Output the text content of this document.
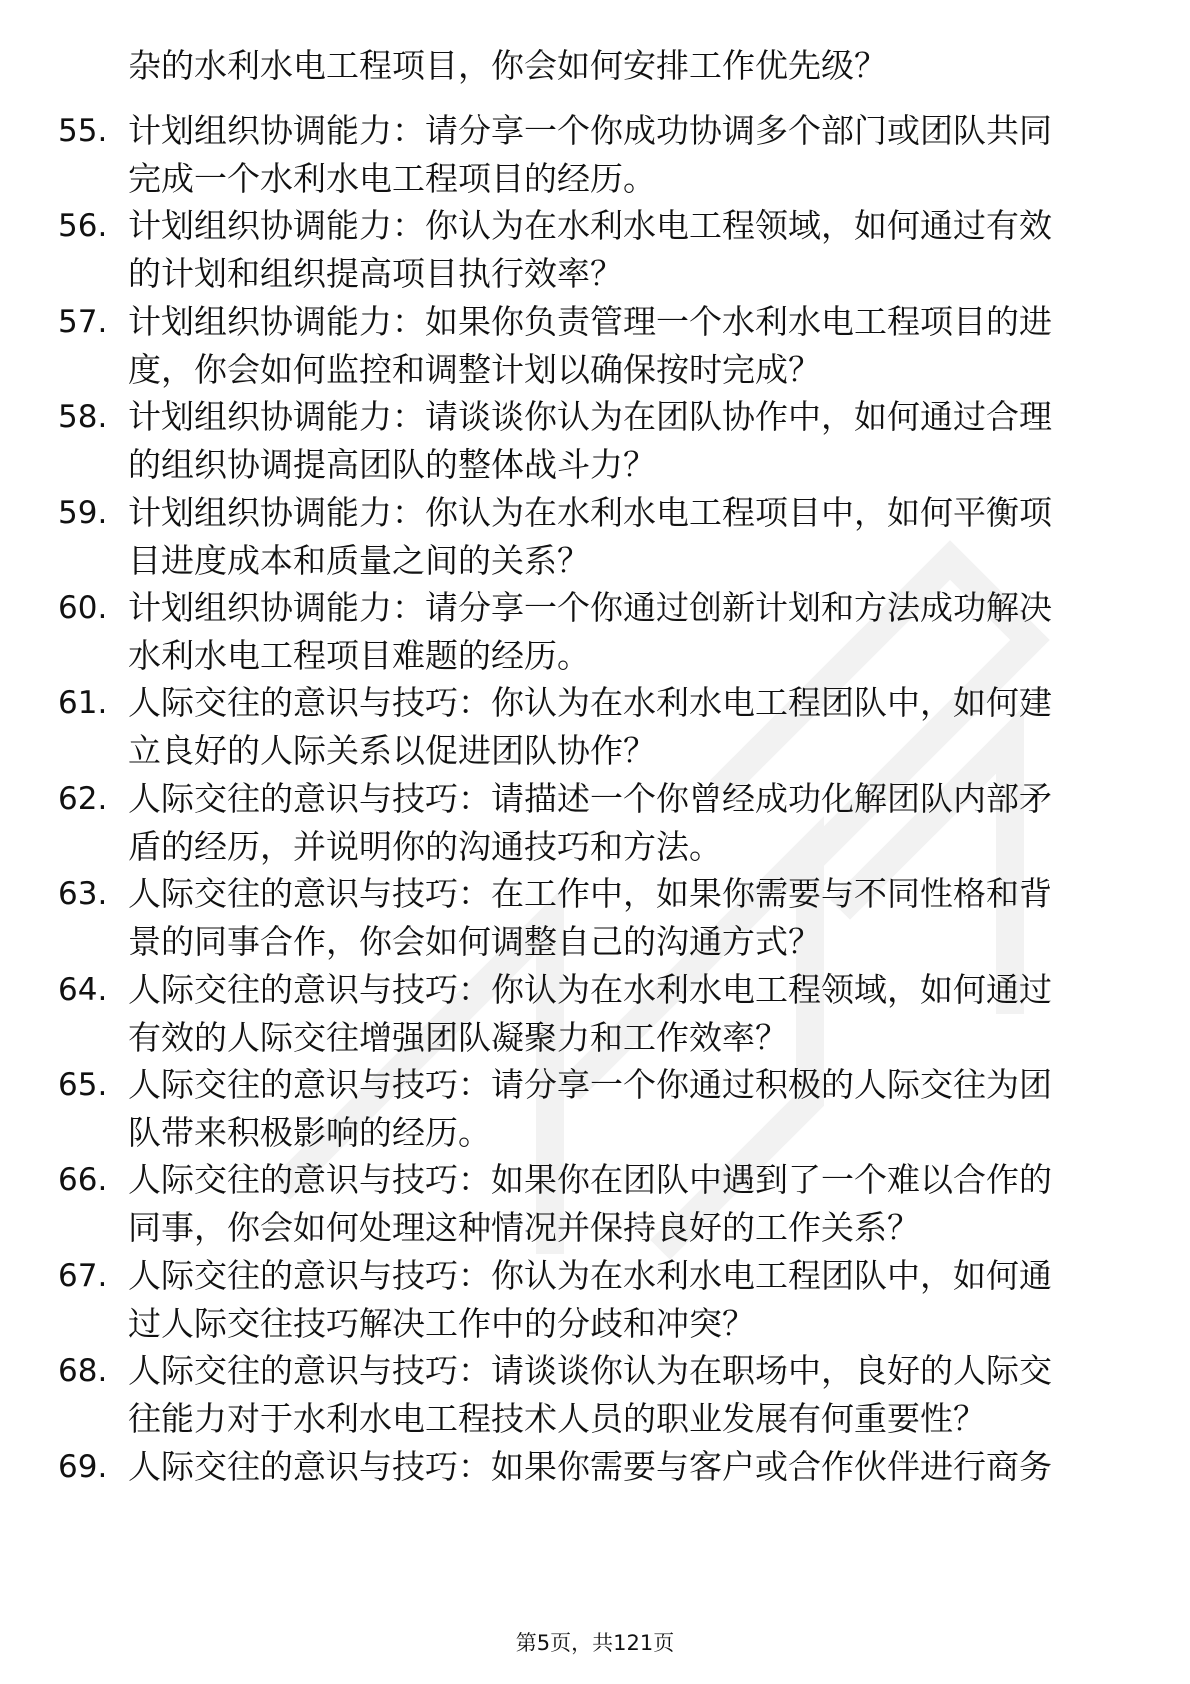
杂的水利水电工程项目，你会如何安排工作优先级？
55. 计划组织协调能力：请分享一个你成功协调多个部门或团队共同
完成一个水利水电工程项目的经历。
56. 计划组织协调能力：你认为在水利水电工程领域，如何通过有效
的计划和组织提高项目执行效率？
57. 计划组织协调能力：如果你负责管理一个水利水电工程项目的进
度，你会如何监控和调整计划以确保按时完成？
58. 计划组织协调能力：请谈谈你认为在团队协作中，如何通过合理
的组织协调提高团队的整体战斗力？
59. 计划组织协调能力：你认为在水利水电工程项目中，如何平衡项
目进度成本和质量之间的关系？
60. 计划组织协调能力：请分享一个你通过创新计划和方法成功解决
水利水电工程项目难题的经历。
61. 人际交往的意识与技巧：你认为在水利水电工程团队中，如何建
立良好的人际关系以促进团队协作？
62. 人际交往的意识与技巧：请描述一个你曾经成功化解团队内部矛
盾的经历，并说明你的沟通技巧和方法。
63. 人际交往的意识与技巧：在工作中，如果你需要与不同性格和背
景的同事合作，你会如何调整自己的沟通方式？
64. 人际交往的意识与技巧：你认为在水利水电工程领域，如何通过
有效的人际交往增强团队凝聚力和工作效率？
65. 人际交往的意识与技巧：请分享一个你通过积极的人际交往为团
队带来积极影响的经历。
66. 人际交往的意识与技巧：如果你在团队中遇到了一个难以合作的
同事，你会如何处理这种情况并保持良好的工作关系？
67. 人际交往的意识与技巧：你认为在水利水电工程团队中，如何通
过人际交往技巧解决工作中的分歧和冲突？
68. 人际交往的意识与技巧：请谈谈你认为在职场中，良好的人际交
往能力对于水利水电工程技术人员的职业发展有何重要性？
69. 人际交往的意识与技巧：如果你需要与客户或合作伙伴进行商务
第5页，共121页
